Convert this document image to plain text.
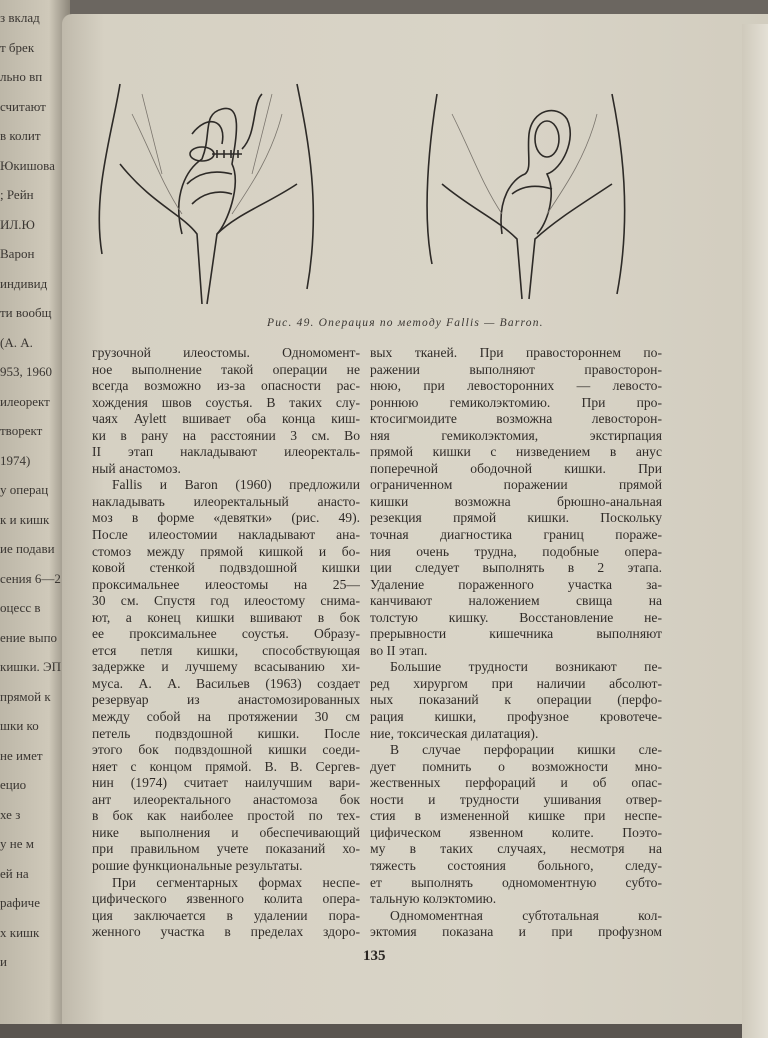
з вклад
т брек
льно вп
считают
в колит
Юкишова
; Рейн
ИЛ.Ю
Варон
индивид
ти вообщ
(А. А.
953, 1960
илеорект
творект
1974)
у операц
к и кишк
ие подави
сения 6—2
оцесс в
ение выпо
кишки. ЭП
прямой к
шки ко
не имет
ецио
хе з
у не м
ей на
рафиче
х кишк
и
Рис. 49. Операция по методу Fallis — Barron.
грузочной илеостомы. Одномомент-
ное выполнение такой операции не
всегда возможно из-за опасности рас-
хождения швов соустья. В таких слу-
чаях Aylett вшивает оба конца киш-
ки в рану на расстоянии 3 см. Во
II этап накладывают илеоректаль-
ный анастомоз.
Fallis и Baron (1960) предложили
накладывать илеоректальный анасто-
моз в форме «девятки» (рис. 49).
После илеостомии накладывают ана-
стомоз между прямой кишкой и бо-
ковой стенкой подвздошной кишки
проксимальнее илеостомы на 25—
30 см. Спустя год илеостому снима-
ют, а конец кишки вшивают в бок
ее проксимальнее соустья. Образу-
ется петля кишки, способствующая
задержке и лучшему всасыванию хи-
муса. А. А. Васильев (1963) создает
резервуар из анастомозированных
между собой на протяжении 30 см
петель подвздошной кишки. После
этого бок подвздошной кишки соеди-
няет с концом прямой. В. В. Сергев-
нин (1974) считает наилучшим вари-
ант илеоректального анастомоза бок
в бок как наиболее простой по тех-
нике выполнения и обеспечивающий
при правильном учете показаний хо-
рошие функциональные результаты.
При сегментарных формах неспе-
цифического язвенного колита опера-
ция заключается в удалении пора-
женного участка в пределах здоро-
вых тканей. При правостороннем по-
ражении выполняют правосторон-
нюю, при левосторонних — левосто-
роннюю гемиколэктомию. При про-
ктосигмоидите возможна левосторон-
няя гемиколэктомия, экстирпация
прямой кишки с низведением в анус
поперечной ободочной кишки. При
ограниченном поражении прямой
кишки возможна брюшно-анальная
резекция прямой кишки. Поскольку
точная диагностика границ пораже-
ния очень трудна, подобные опера-
ции следует выполнять в 2 этапа.
Удаление пораженного участка за-
канчивают наложением свища на
толстую кишку. Восстановление не-
прерывности кишечника выполняют
во II этап.
Большие трудности возникают пе-
ред хирургом при наличии абсолют-
ных показаний к операции (перфо-
рация кишки, профузное кровотече-
ние, токсическая дилатация).
В случае перфорации кишки сле-
дует помнить о возможности мно-
жественных перфораций и об опас-
ности и трудности ушивания отвер-
стия в измененной кишке при неспе-
цифическом язвенном колите. Поэто-
му в таких случаях, несмотря на
тяжесть состояния больного, следу-
ет выполнять одномоментную субто-
тальную колэктомию.
Одномоментная субтотальная кол-
эктомия показана и при профузном
135
